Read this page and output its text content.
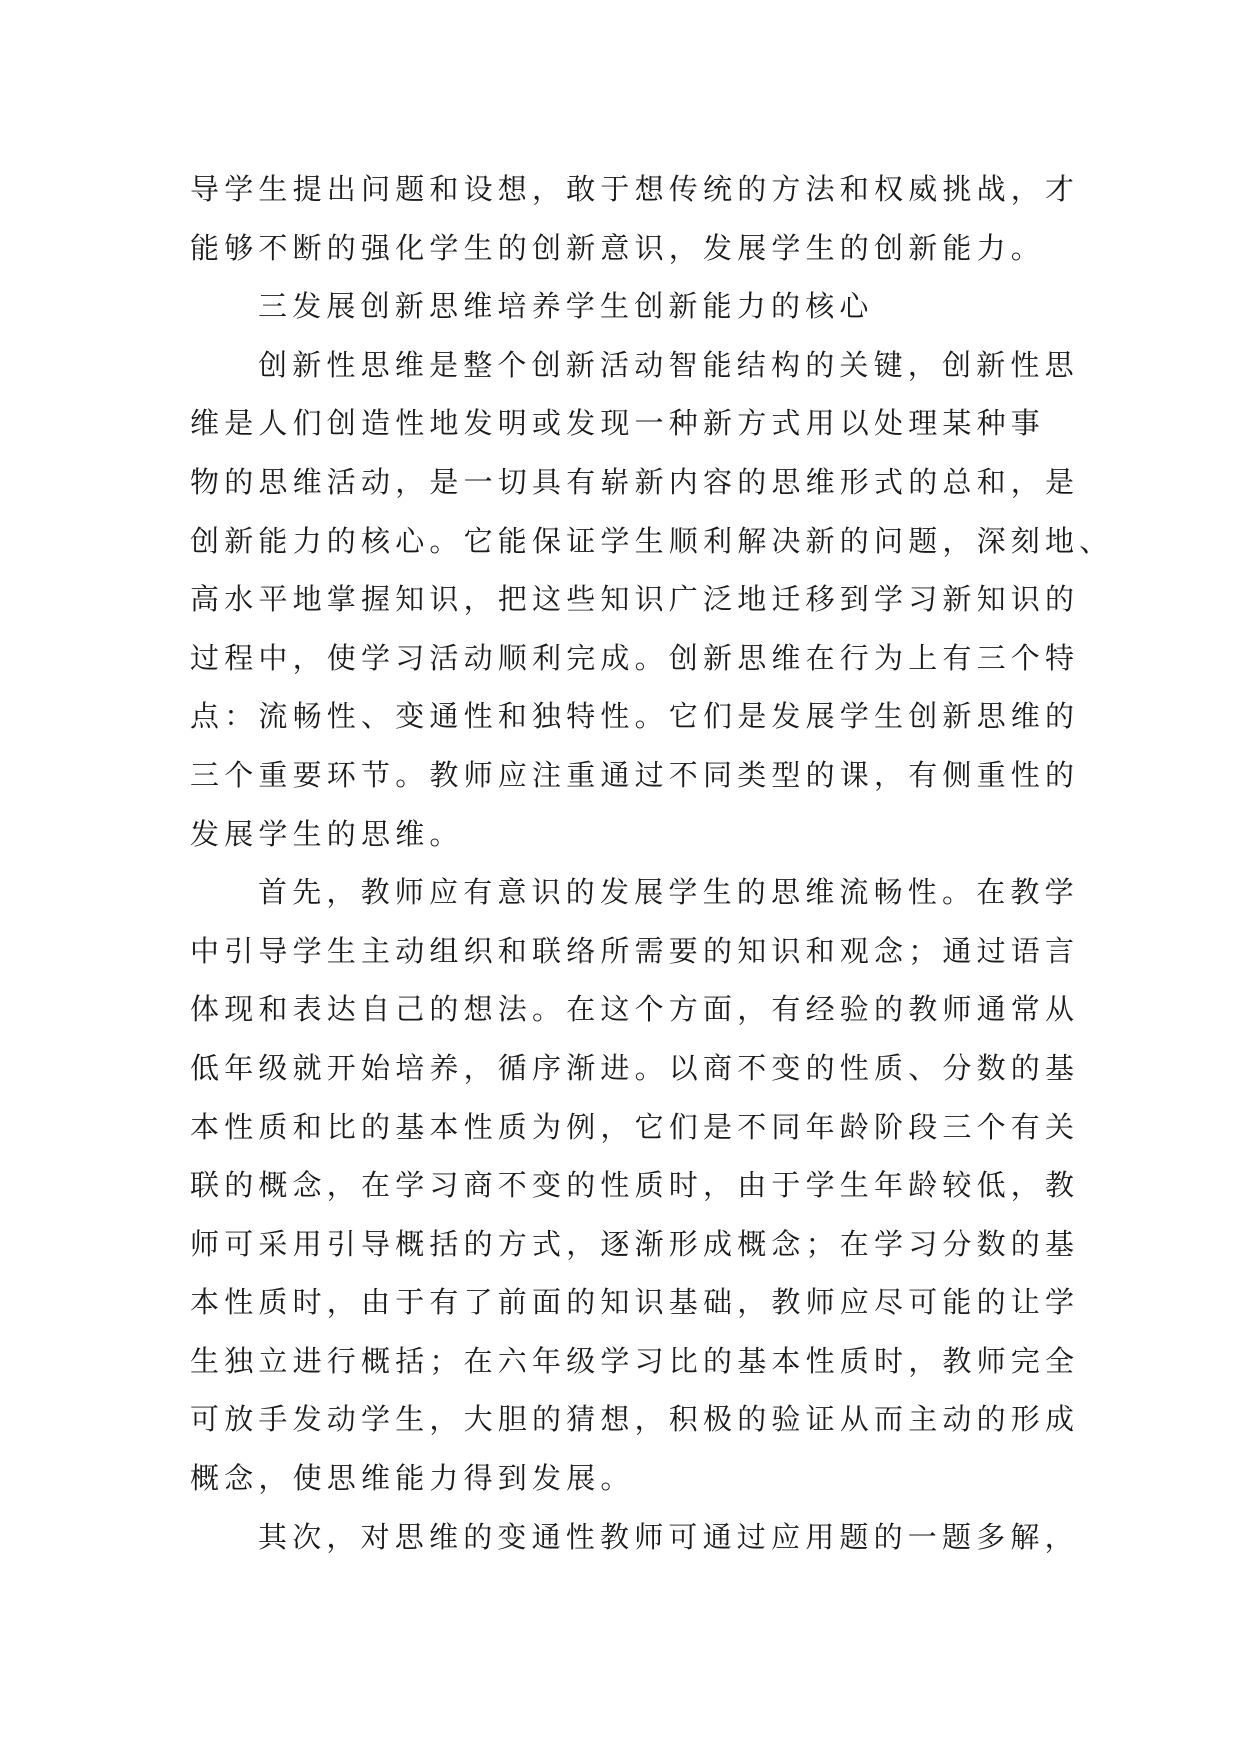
导学生提出问题和设想，敢于想传统的方法和权威挑战，才
能够不断的强化学生的创新意识，发展学生的创新能力。
三发展创新思维培养学生创新能力的核心
创新性思维是整个创新活动智能结构的关键，创新性思
维是人们创造性地发明或发现一种新方式用以处理某种事
物的思维活动，是一切具有崭新内容的思维形式的总和，是
创新能力的核心。它能保证学生顺利解决新的问题，深刻地、
高水平地掌握知识，把这些知识广泛地迁移到学习新知识的
过程中，使学习活动顺利完成。创新思维在行为上有三个特
点：流畅性、变通性和独特性。它们是发展学生创新思维的
三个重要环节。教师应注重通过不同类型的课，有侧重性的
发展学生的思维。
首先，教师应有意识的发展学生的思维流畅性。在教学
中引导学生主动组织和联络所需要的知识和观念；通过语言
体现和表达自己的想法。在这个方面，有经验的教师通常从
低年级就开始培养，循序渐进。以商不变的性质、分数的基
本性质和比的基本性质为例，它们是不同年龄阶段三个有关
联的概念，在学习商不变的性质时，由于学生年龄较低，教
师可采用引导概括的方式，逐渐形成概念；在学习分数的基
本性质时，由于有了前面的知识基础，教师应尽可能的让学
生独立进行概括；在六年级学习比的基本性质时，教师完全
可放手发动学生，大胆的猜想，积极的验证从而主动的形成
概念，使思维能力得到发展。
其次，对思维的变通性教师可通过应用题的一题多解，
